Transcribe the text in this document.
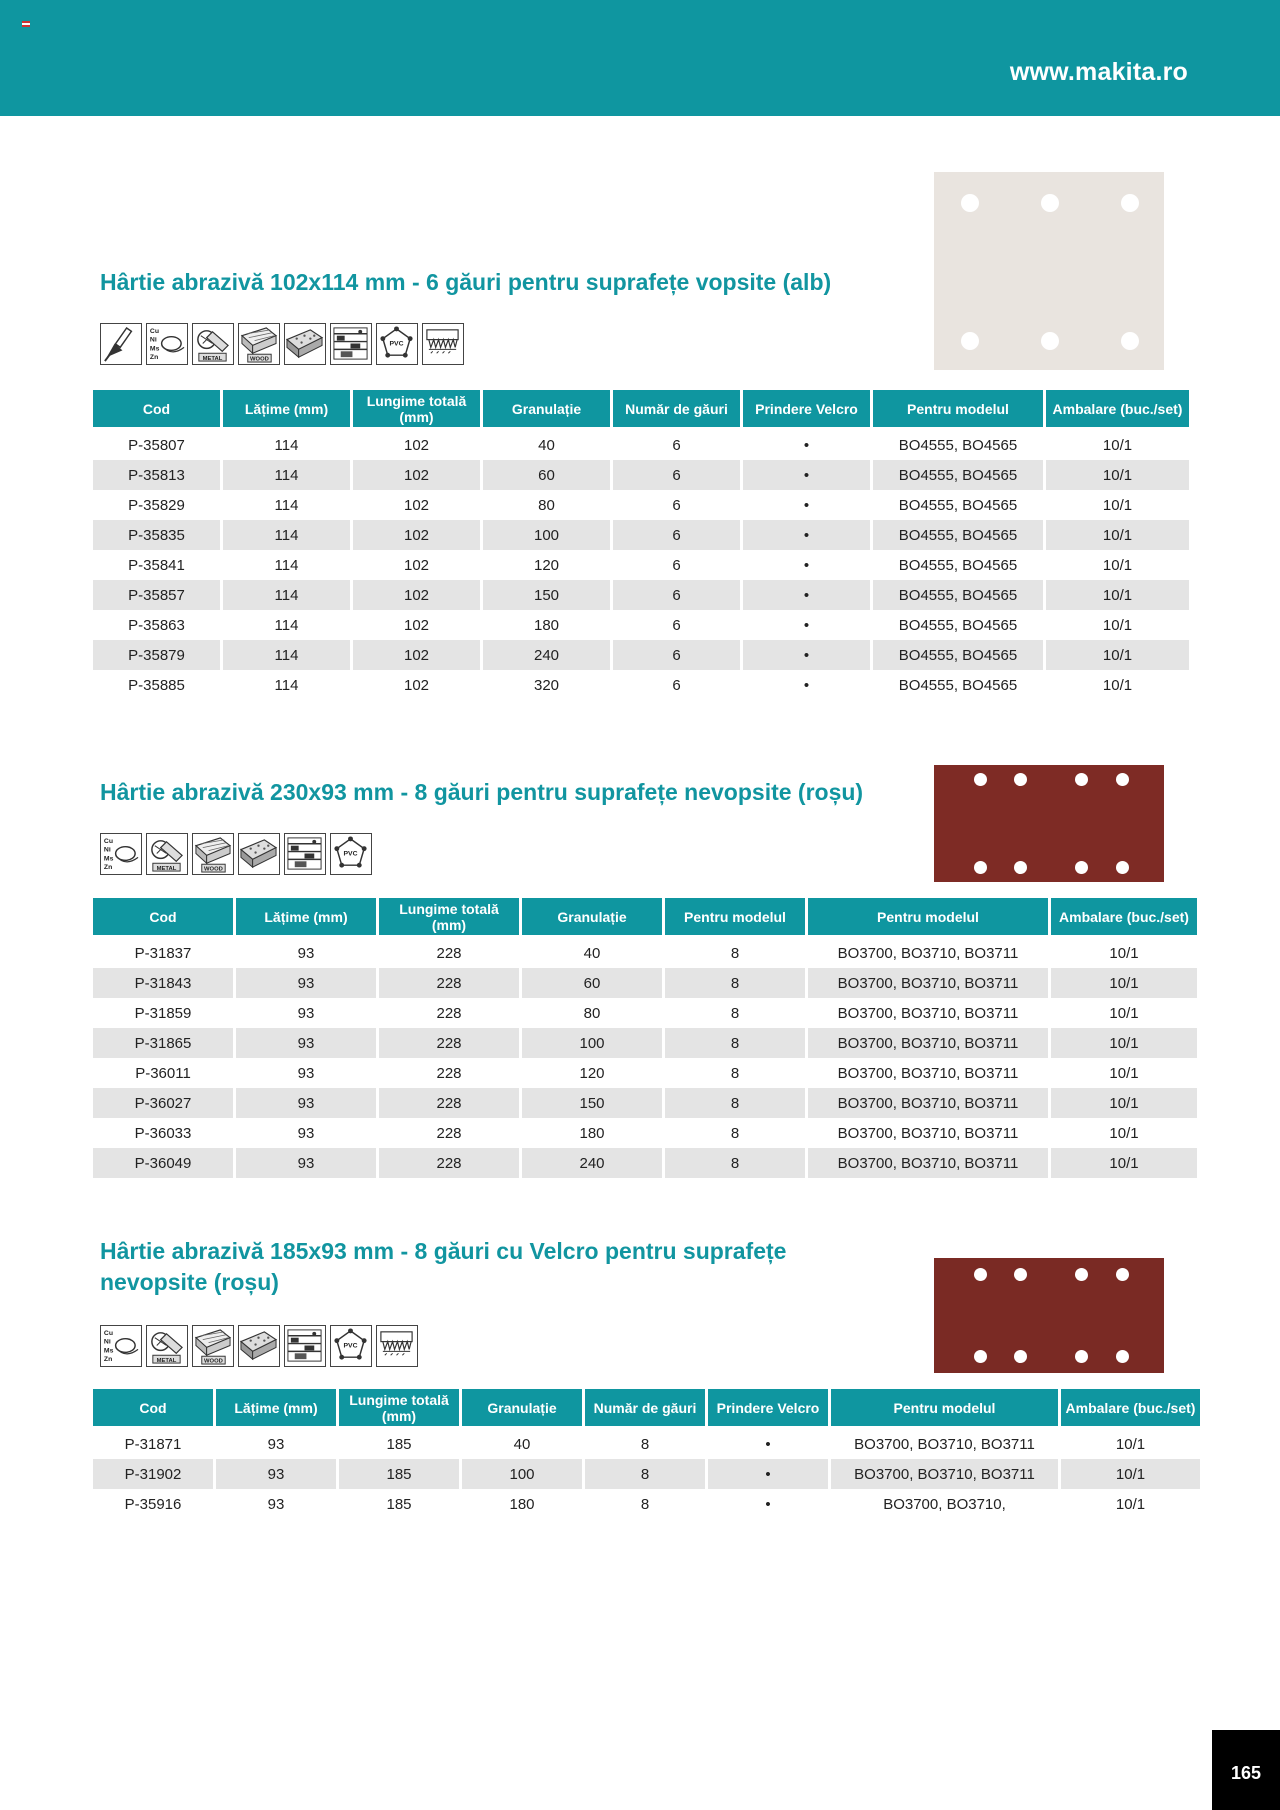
www.makita.ro
Hârtie abrazivă 102x114 mm - 6 găuri pentru suprafețe vopsite (alb)
Cu
Ni
Ms
Zn	METAL	WOOD
PVC
Cod	Lățime (mm)	Lungime totală (mm)	Granulație	Număr de găuri	Prindere Velcro	Pentru modelul	Ambalare (buc./set)
P-35807	114	102	40	6	•	BO4555, BO4565	10/1
P-35813	114	102	60	6	•	BO4555, BO4565	10/1
P-35829	114	102	80	6	•	BO4555, BO4565	10/1
P-35835	114	102	100	6	•	BO4555, BO4565	10/1
P-35841	114	102	120	6	•	BO4555, BO4565	10/1
P-35857	114	102	150	6	•	BO4555, BO4565	10/1
P-35863	114	102	180	6	•	BO4555, BO4565	10/1
P-35879	114	102	240	6	•	BO4555, BO4565	10/1
P-35885	114	102	320	6	•	BO4555, BO4565	10/1
Hârtie abrazivă 230x93 mm - 8 găuri pentru suprafețe nevopsite (roșu)
Cu
Ni
Ms
Zn	METAL	WOOD
PVC
Cod	Lățime (mm)	Lungime totală (mm)	Granulație	Pentru modelul	Pentru modelul	Ambalare (buc./set)
P-31837	93	228	40	8	BO3700, BO3710, BO3711	10/1
P-31843	93	228	60	8	BO3700, BO3710, BO3711	10/1
P-31859	93	228	80	8	BO3700, BO3710, BO3711	10/1
P-31865	93	228	100	8	BO3700, BO3710, BO3711	10/1
P-36011	93	228	120	8	BO3700, BO3710, BO3711	10/1
P-36027	93	228	150	8	BO3700, BO3710, BO3711	10/1
P-36033	93	228	180	8	BO3700, BO3710, BO3711	10/1
P-36049	93	228	240	8	BO3700, BO3710, BO3711	10/1
Hârtie abrazivă 185x93 mm - 8 găuri cu Velcro pentru suprafețe nevopsite (roșu)
Cu
Ni
Ms
Zn	METAL	WOOD
PVC
Cod	Lățime (mm)	Lungime totală (mm)	Granulație	Număr de găuri	Prindere Velcro	Pentru modelul	Ambalare (buc./set)
P-31871	93	185	40	8	•	BO3700, BO3710, BO3711	10/1
P-31902	93	185	100	8	•	BO3700, BO3710, BO3711	10/1
P-35916	93	185	180	8	•	BO3700, BO3710,	10/1
165
